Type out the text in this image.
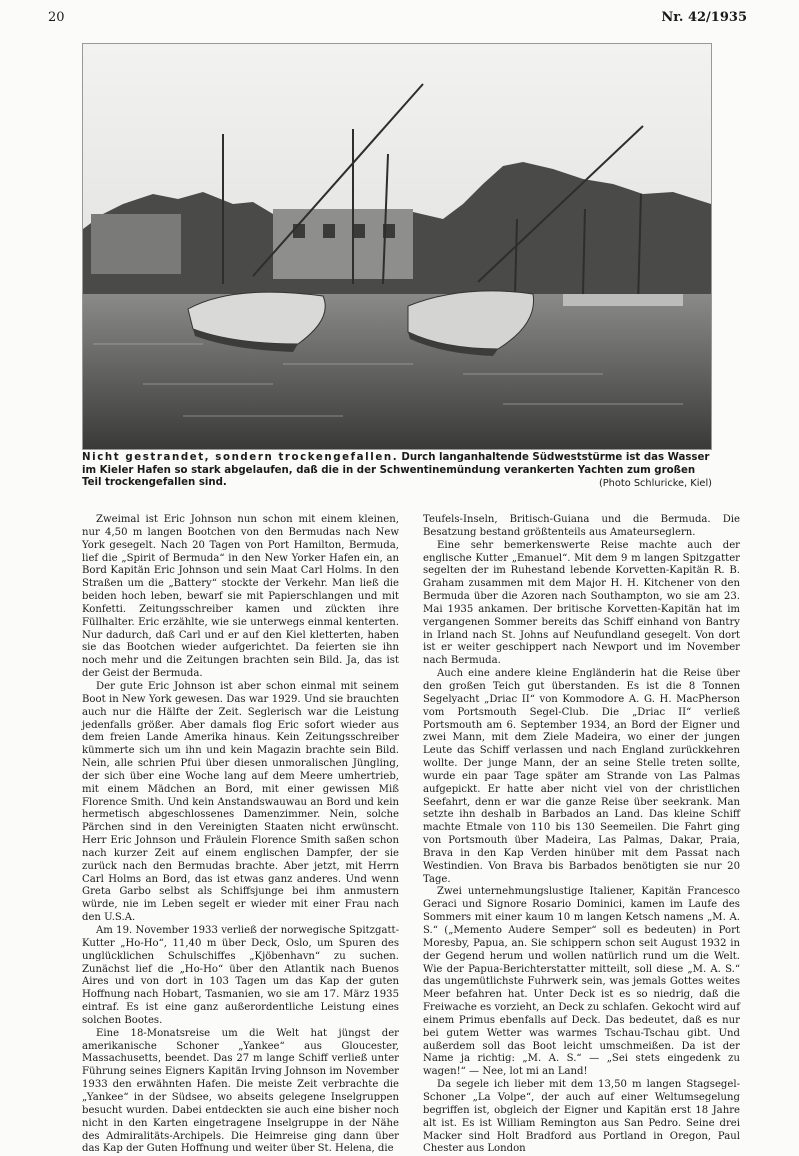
20	Nr. 42/1935
Nicht gestrandet, sondern trockengefallen. Durch langanhaltende Südweststürme ist das Wasser im Kieler Hafen so stark abgelaufen, daß die in der Schwentinemündung verankerten Yachten zum großen Teil trockengefallen sind.	(Photo Schluricke, Kiel)

Zweimal ist Eric Johnson nun schon mit einem kleinen, nur 4,50 m langen Bootchen von den Bermudas nach New York gesegelt. Nach 20 Tagen von Port Hamilton, Bermuda, lief die „Spirit of Bermuda“ in den New Yorker Hafen ein, an Bord Kapitän Eric Johnson und sein Maat Carl Holms. In den Straßen um die „Battery“ stockte der Verkehr. Man ließ die beiden hoch leben, bewarf sie mit Papierschlangen und mit Konfetti. Zeitungsschreiber kamen und zückten ihre Füllhalter. Eric erzählte, wie sie unterwegs einmal kenterten. Nur dadurch, daß Carl und er auf den Kiel kletterten, haben sie das Bootchen wieder aufgerichtet. Da feierten sie ihn noch mehr und die Zeitungen brachten sein Bild. Ja, das ist der Geist der Bermuda.

Der gute Eric Johnson ist aber schon einmal mit seinem Boot in New York gewesen. Das war 1929. Und sie brauchten auch nur die Hälfte der Zeit. Seglerisch war die Leistung jedenfalls größer. Aber damals flog Eric sofort wieder aus dem freien Lande Amerika hinaus. Kein Zeitungsschreiber kümmerte sich um ihn und kein Magazin brachte sein Bild. Nein, alle schrien Pfui über diesen unmoralischen Jüngling, der sich über eine Woche lang auf dem Meere umhertrieb, mit einem Mädchen an Bord, mit einer gewissen Miß Florence Smith. Und kein Anstandswauwau an Bord und kein hermetisch abgeschlossenes Damenzimmer. Nein, solche Pärchen sind in den Vereinigten Staaten nicht erwünscht. Herr Eric Johnson und Fräulein Florence Smith saßen schon nach kurzer Zeit auf einem englischen Dampfer, der sie zurück nach den Bermudas brachte. Aber jetzt, mit Herrn Carl Holms an Bord, das ist etwas ganz anderes. Und wenn Greta Garbo selbst als Schiffsjunge bei ihm anmustern würde, nie im Leben segelt er wieder mit einer Frau nach den U.S.A.

Am 19. November 1933 verließ der norwegische Spitzgatt-Kutter „Ho-Ho“, 11,40 m über Deck, Oslo, um Spuren des unglücklichen Schulschiffes „Kjöbenhavn“ zu suchen. Zunächst lief die „Ho-Ho“ über den Atlantik nach Buenos Aires und von dort in 103 Tagen um das Kap der guten Hoffnung nach Hobart, Tasmanien, wo sie am 17. März 1935 eintraf. Es ist eine ganz außerordentliche Leistung eines solchen Bootes.

Eine 18-Monatsreise um die Welt hat jüngst der amerikanische Schoner „Yankee“ aus Gloucester, Massachusetts, beendet. Das 27 m lange Schiff verließ unter Führung seines Eigners Kapitän Irving Johnson im November 1933 den erwähnten Hafen. Die meiste Zeit verbrachte die „Yankee“ in der Südsee, wo abseits gelegene Inselgruppen besucht wurden. Dabei entdeckten sie auch eine bisher noch nicht in den Karten eingetragene Inselgruppe in der Nähe des Admiralitäts-Archipels. Die Heimreise ging dann über das Kap der Guten Hoffnung und weiter über St. Helena, die

Teufels-Inseln, Britisch-Guiana und die Bermuda. Die Besatzung bestand größtenteils aus Amateurseglern.

Eine sehr bemerkenswerte Reise machte auch der englische Kutter „Emanuel“. Mit dem 9 m langen Spitzgatter segelten der im Ruhestand lebende Korvetten-Kapitän R. B. Graham zusammen mit dem Major H. H. Kitchener von den Bermuda über die Azoren nach Southampton, wo sie am 23. Mai 1935 ankamen. Der britische Korvetten-Kapitän hat im vergangenen Sommer bereits das Schiff einhand von Bantry in Irland nach St. Johns auf Neufundland gesegelt. Von dort ist er weiter geschippert nach Newport und im November nach Bermuda.

Auch eine andere kleine Engländerin hat die Reise über den großen Teich gut überstanden. Es ist die 8 Tonnen Segelyacht „Driac II“ von Kommodore A. G. H. MacPherson vom Portsmouth Segel-Club. Die „Driac II“ verließ Portsmouth am 6. September 1934, an Bord der Eigner und zwei Mann, mit dem Ziele Madeira, wo einer der jungen Leute das Schiff verlassen und nach England zurückkehren wollte. Der junge Mann, der an seine Stelle treten sollte, wurde ein paar Tage später am Strande von Las Palmas aufgepickt. Er hatte aber nicht viel von der christlichen Seefahrt, denn er war die ganze Reise über seekrank. Man setzte ihn deshalb in Barbados an Land. Das kleine Schiff machte Etmale von 110 bis 130 Seemeilen. Die Fahrt ging von Portsmouth über Madeira, Las Palmas, Dakar, Praia, Brava in den Kap Verden hinüber mit dem Passat nach Westindien. Von Brava bis Barbados benötigten sie nur 20 Tage.

Zwei unternehmungslustige Italiener, Kapitän Francesco Geraci und Signore Rosario Dominici, kamen im Laufe des Sommers mit einer kaum 10 m langen Ketsch namens „M. A. S.“ („Memento Audere Semper“ soll es bedeuten) in Port Moresby, Papua, an. Sie schippern schon seit August 1932 in der Gegend herum und wollen natürlich rund um die Welt. Wie der Papua-Berichterstatter mitteilt, soll diese „M. A. S.“ das ungemütlichste Fuhrwerk sein, was jemals Gottes weites Meer befahren hat. Unter Deck ist es so niedrig, daß die Freiwache es vorzieht, an Deck zu schlafen. Gekocht wird auf einem Primus ebenfalls auf Deck. Das bedeutet, daß es nur bei gutem Wetter was warmes Tschau-Tschau gibt. Und außerdem soll das Boot leicht umschmeißen. Da ist der Name ja richtig: „M. A. S.“ — „Sei stets eingedenk zu wagen!“ — Nee, lot mi an Land!

Da segele ich lieber mit dem 13,50 m langen Stagsegel-Schoner „La Volpe“, der auch auf einer Weltumsegelung begriffen ist, obgleich der Eigner und Kapitän erst 18 Jahre alt ist. Es ist William Remington aus San Pedro. Seine drei Macker sind Holt Bradford aus Portland in Oregon, Paul Chester aus London
